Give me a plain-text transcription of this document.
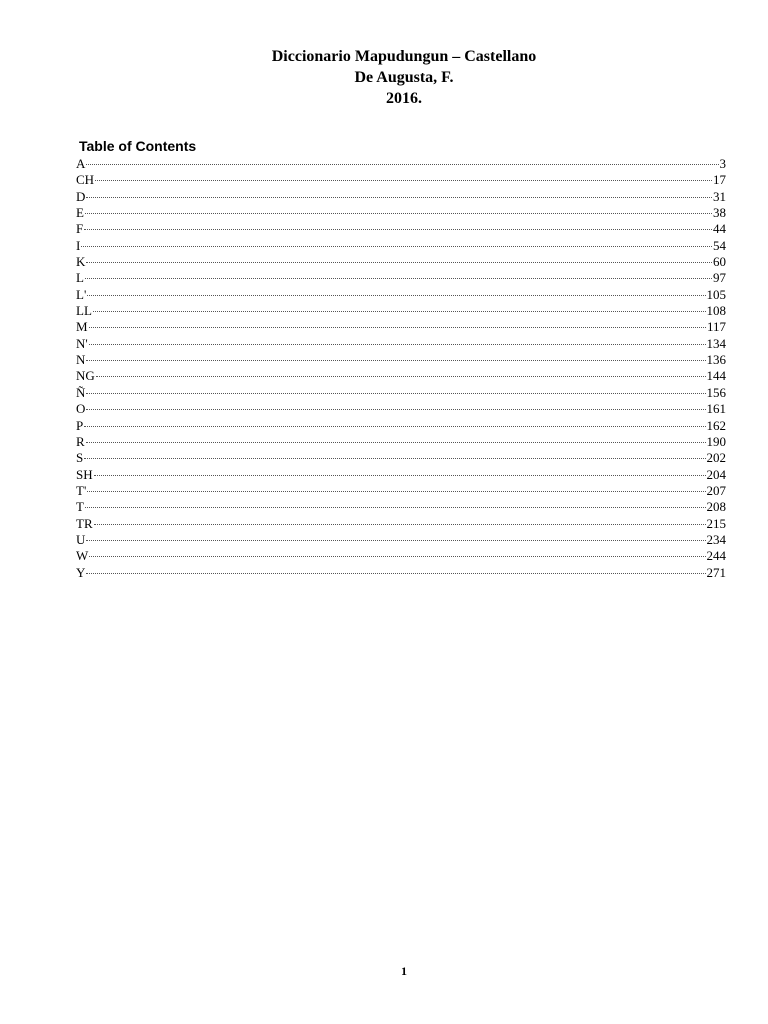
Diccionario Mapudungun – Castellano
De Augusta, F.
2016.
Table of Contents
A	3
CH	17
D	31
E	38
F	44
I	54
K	60
L	97
L'	105
LL	108
M	117
N'	134
N	136
NG	144
Ñ	156
O	161
P	162
R	190
S	202
SH	204
T'	207
T	208
TR	215
U	234
W	244
Y	271
1
